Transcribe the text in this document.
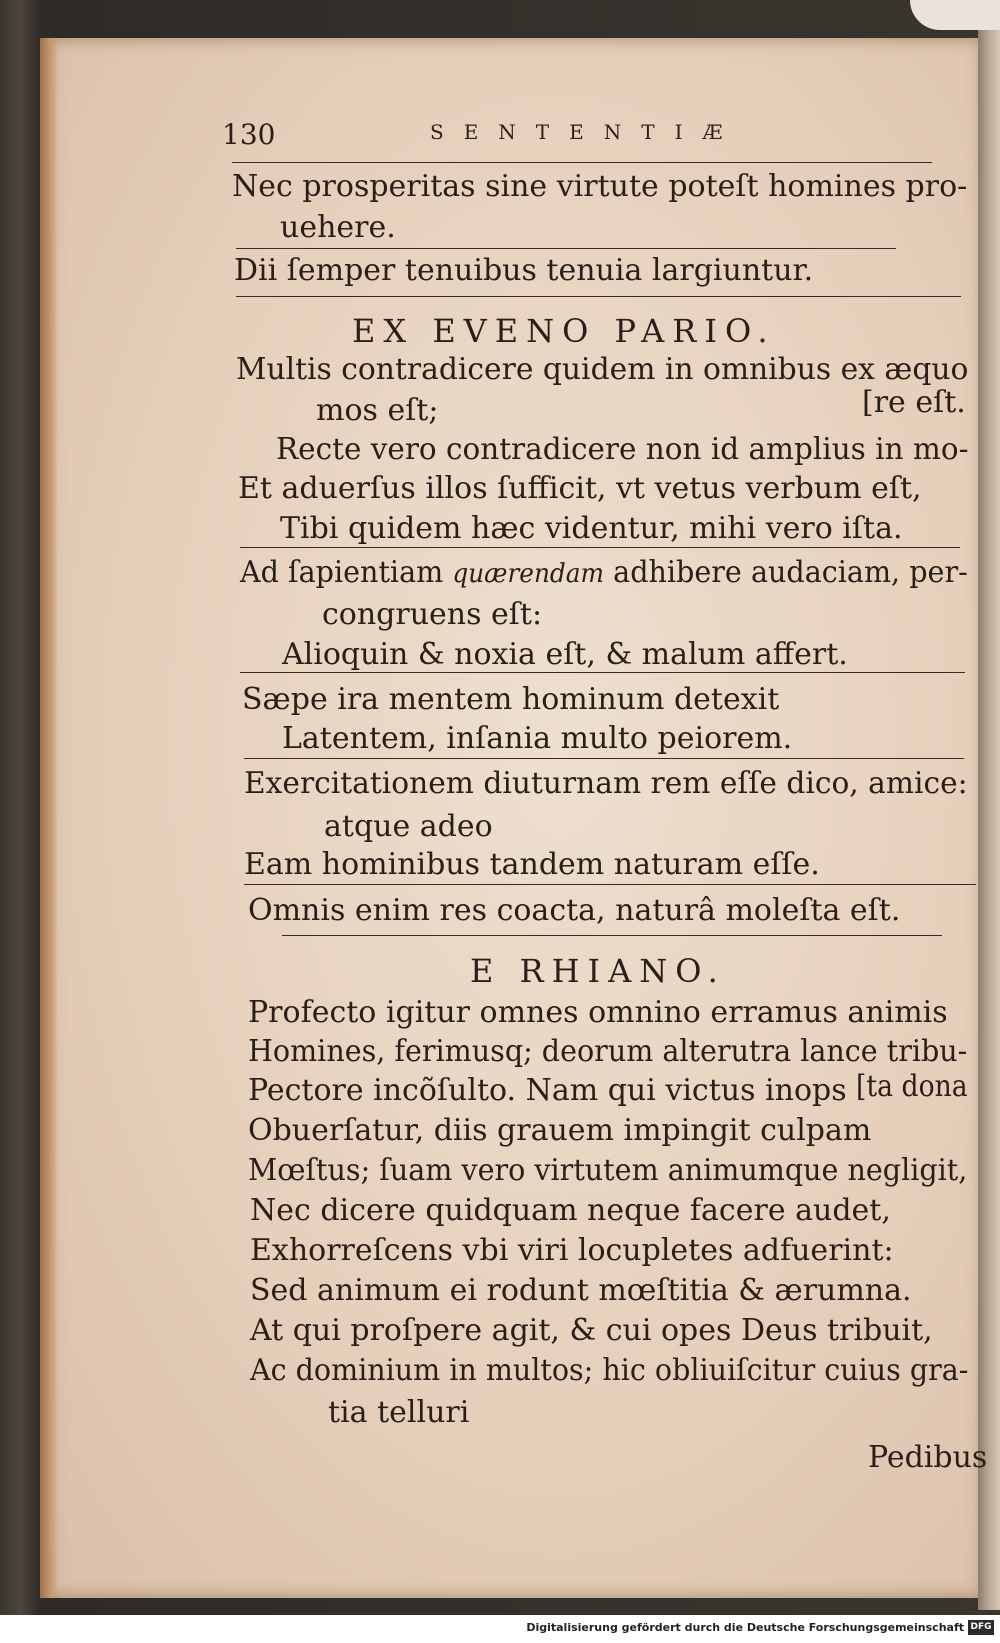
130	SENTENTIÆ
Nec prosperitas sine virtute poteſt homines pro-
uehere.
Dii ſemper tenuibus tenuia largiuntur.
EX EVENO PARIO.
Multis contradicere quidem in omnibus ex æquo
mos eſt;	[re eſt.
Recte vero contradicere non id amplius in mo-
Et aduerſus illos ſufficit, vt vetus verbum eſt,
Tibi quidem hæc videntur, mihi vero iſta.
Ad ſapientiam quærendam adhibere audaciam, per-
congruens eſt:
Alioquin & noxia eſt, & malum affert.
Sæpe ira mentem hominum detexit
Latentem, inſania multo peiorem.
Exercitationem diuturnam rem eſſe dico, amice:
atque adeo
Eam hominibus tandem naturam eſſe.
Omnis enim res coacta, naturâ moleſta eſt.
E RHIANO.
Profecto igitur omnes omnino erramus animis
Homines, ferimusq; deorum alterutra lance tribu-
Pectore incõſulto. Nam qui victus inops [ta dona
Obuerſatur, diis grauem impingit culpam
Mœſtus; ſuam vero virtutem animumque negligit,
Nec dicere quidquam neque facere audet,
Exhorreſcens vbi viri locupletes adfuerint:
Sed animum ei rodunt mœſtitia & ærumna.
At qui proſpere agit, & cui opes Deus tribuit,
Ac dominium in multos; hic obliuiſcitur cuius gra-
tia telluri
Pedibus
Digitalisierung gefördert durch die Deutsche Forschungsgemeinschaft DFG
